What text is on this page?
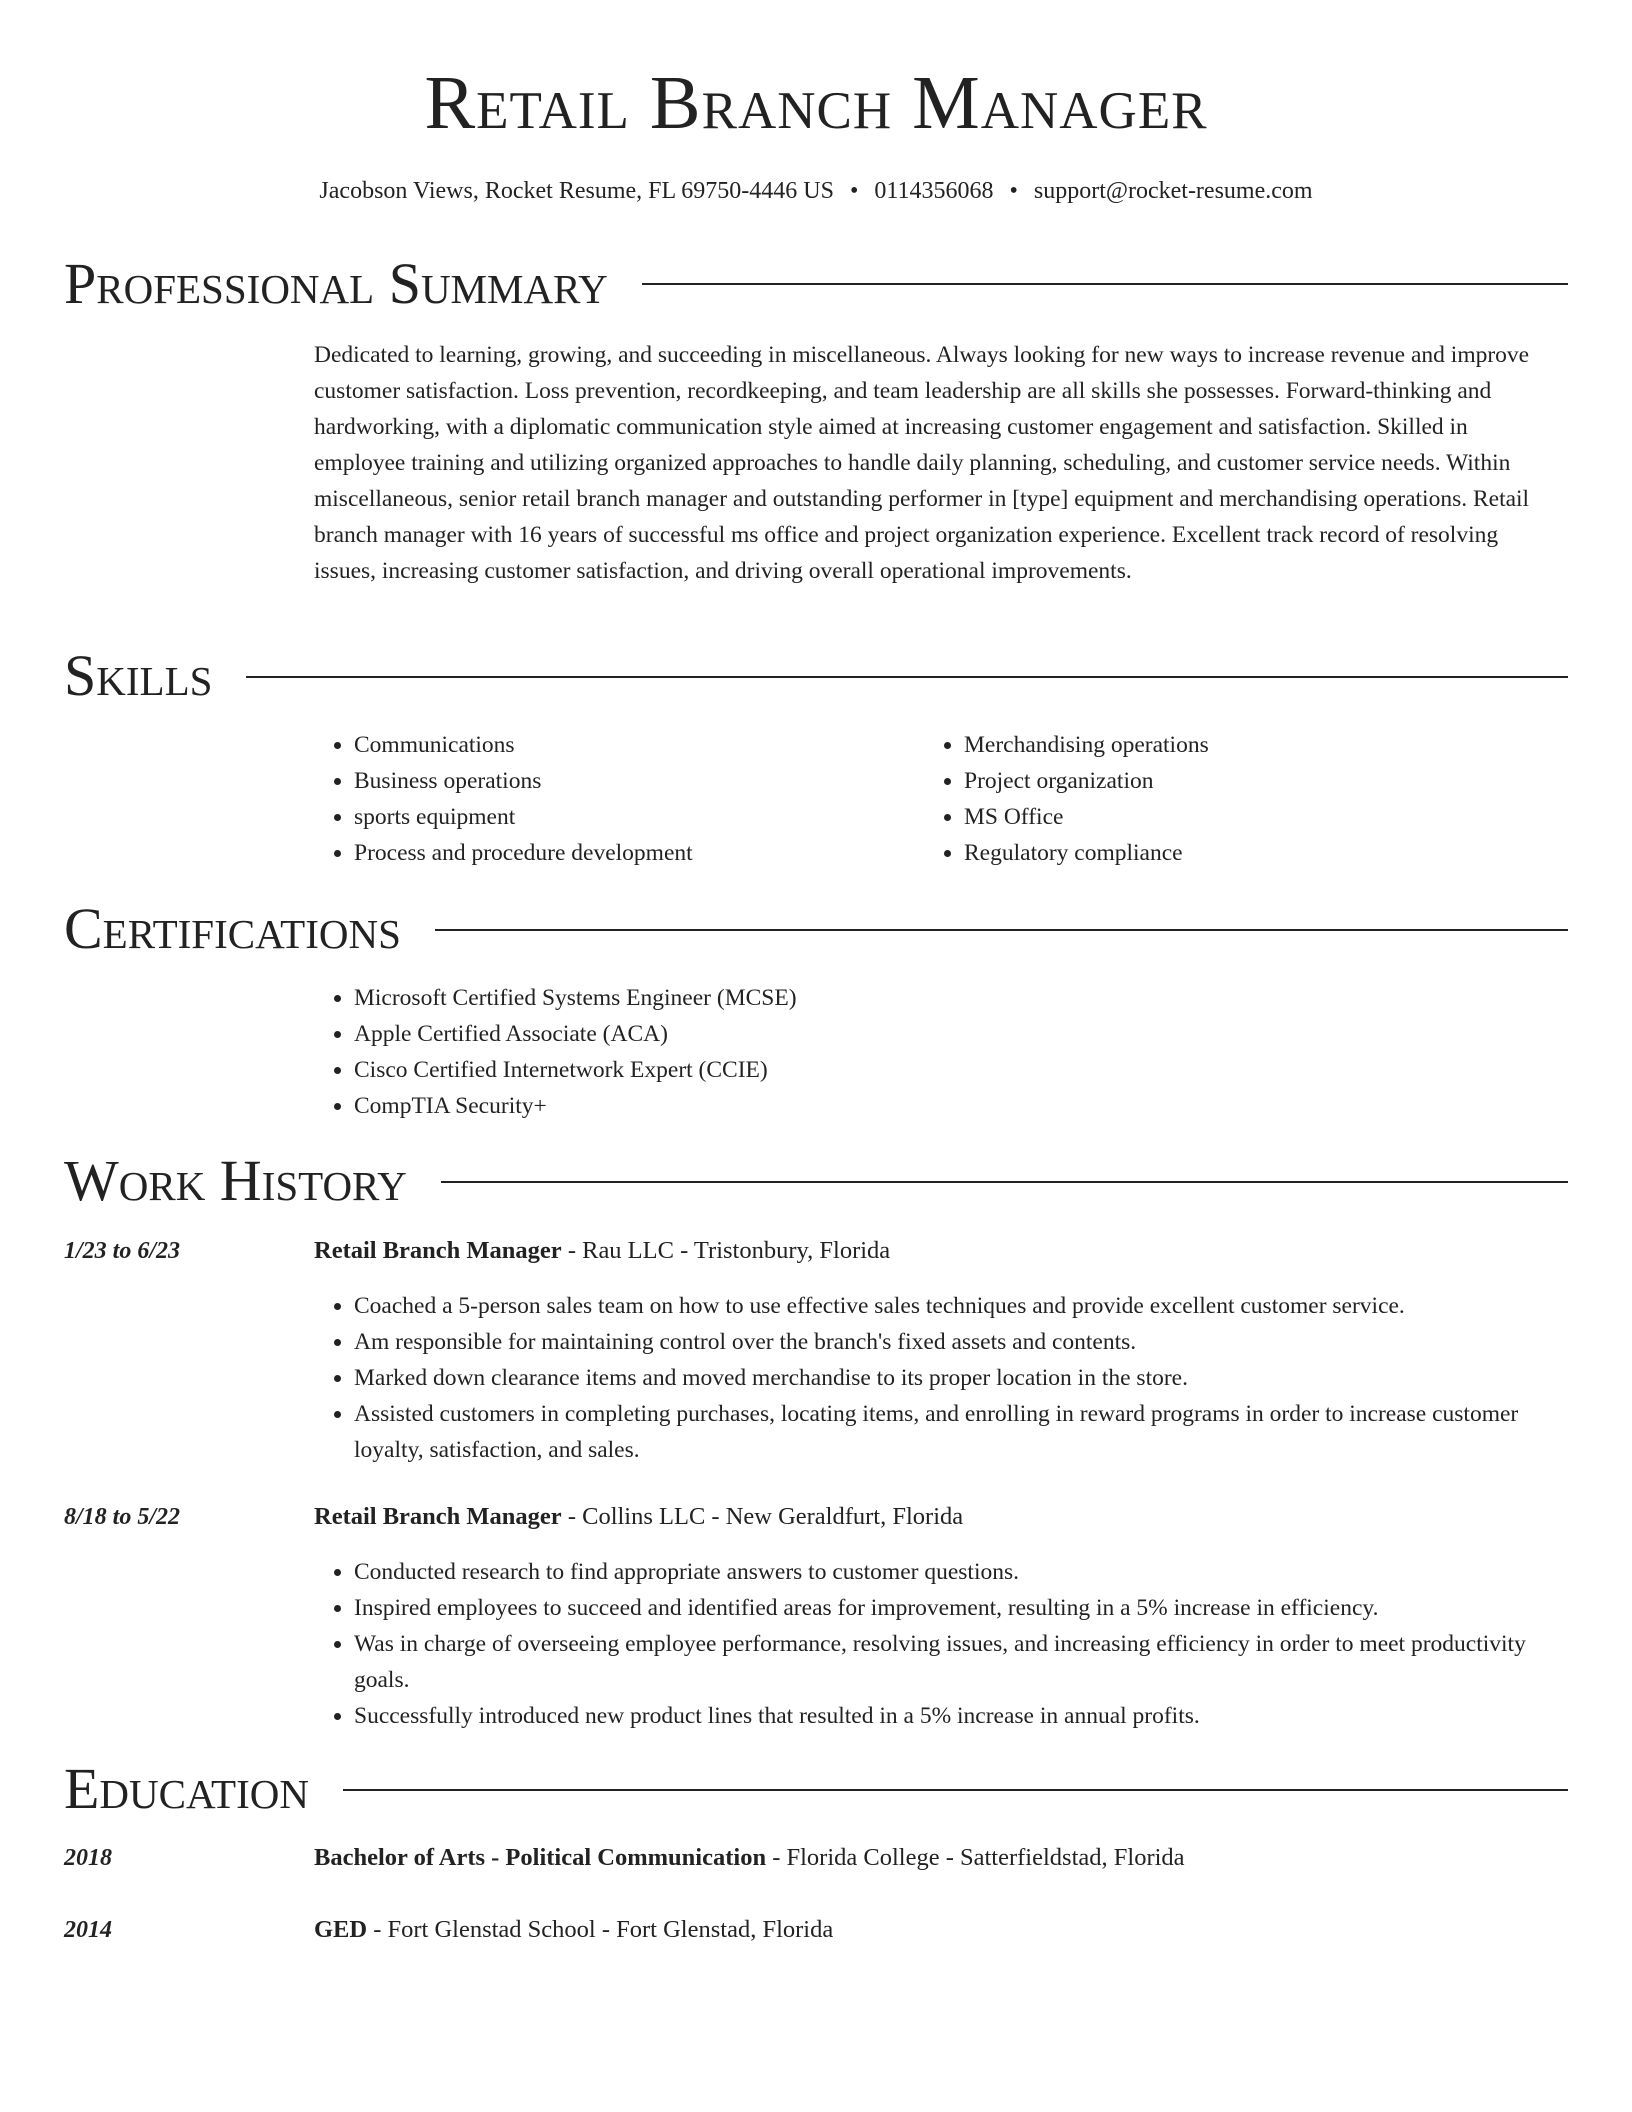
Retail Branch Manager
Jacobson Views, Rocket Resume, FL 69750-4446 US • 0114356068 • support@rocket-resume.com
Professional Summary

Dedicated to learning, growing, and succeeding in miscellaneous. Always looking for new ways to increase revenue and improve customer satisfaction. Loss prevention, recordkeeping, and team leadership are all skills she possesses. Forward-thinking and hardworking, with a diplomatic communication style aimed at increasing customer engagement and satisfaction. Skilled in employee training and utilizing organized approaches to handle daily planning, scheduling, and customer service needs. Within miscellaneous, senior retail branch manager and outstanding performer in [type] equipment and merchandising operations. Retail branch manager with 16 years of successful ms office and project organization experience. Excellent track record of resolving issues, increasing customer satisfaction, and driving overall operational improvements.

Skills
• Communications
• Business operations
• sports equipment
• Process and procedure development
• Merchandising operations
• Project organization
• MS Office
• Regulatory compliance
Certifications
• Microsoft Certified Systems Engineer (MCSE)
• Apple Certified Associate (ACA)
• Cisco Certified Internetwork Expert (CCIE)
• CompTIA Security+
Work History
1/23 to 6/23	Retail Branch Manager - Rau LLC - Tristonbury, Florida
• Coached a 5-person sales team on how to use effective sales techniques and provide excellent customer service.
• Am responsible for maintaining control over the branch's fixed assets and contents.
• Marked down clearance items and moved merchandise to its proper location in the store.
• Assisted customers in completing purchases, locating items, and enrolling in reward programs in order to increase customer loyalty, satisfaction, and sales.
8/18 to 5/22	Retail Branch Manager - Collins LLC - New Geraldfurt, Florida
• Conducted research to find appropriate answers to customer questions.
• Inspired employees to succeed and identified areas for improvement, resulting in a 5% increase in efficiency.
• Was in charge of overseeing employee performance, resolving issues, and increasing efficiency in order to meet productivity goals.
• Successfully introduced new product lines that resulted in a 5% increase in annual profits.
Education
2018	Bachelor of Arts - Political Communication - Florida College - Satterfieldstad, Florida
2014	GED - Fort Glenstad School - Fort Glenstad, Florida
